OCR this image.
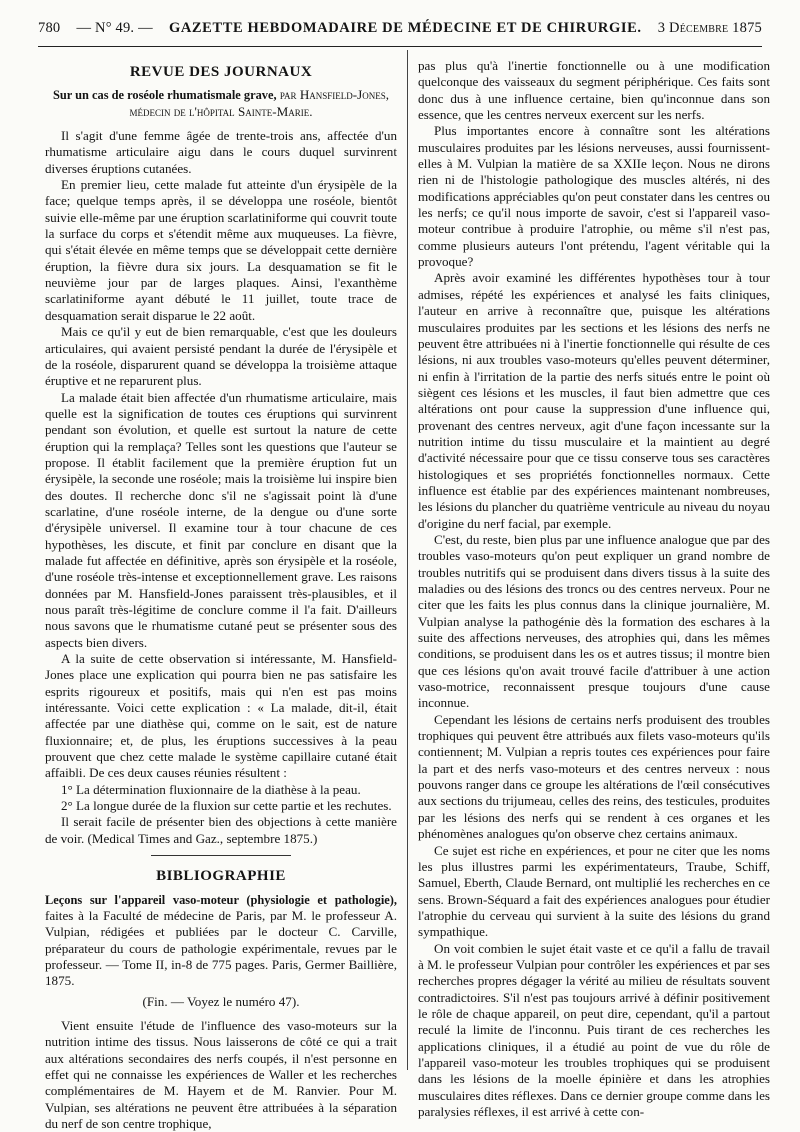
780 — N° 49. — GAZETTE HEBDOMADAIRE DE MÉDECINE ET DE CHIRURGIE. 3 Décembre 1875
REVUE DES JOURNAUX

Sur un cas de roséole rhumatismale grave, par Hansfield-Jones, médecin de l'hôpital Sainte-Marie.

Il s'agit d'une femme âgée de trente-trois ans, affectée d'un rhumatisme articulaire aigu dans le cours duquel survinrent diverses éruptions cutanées.

En premier lieu, cette malade fut atteinte d'un érysipèle de la face; quelque temps après, il se développa une roséole, bientôt suivie elle-même par une éruption scarlatiniforme qui couvrit toute la surface du corps et s'étendit même aux muqueuses. La fièvre, qui s'était élevée en même temps que se développait cette dernière éruption, la fièvre dura six jours. La desquamation se fit le neuvième jour par de larges plaques. Ainsi, l'exanthème scarlatiniforme ayant débuté le 11 juillet, toute trace de desquamation serait disparue le 22 août.

Mais ce qu'il y eut de bien remarquable, c'est que les douleurs articulaires, qui avaient persisté pendant la durée de l'érysipèle et de la roséole, disparurent quand se développa la troisième attaque éruptive et ne reparurent plus.

La malade était bien affectée d'un rhumatisme articulaire, mais quelle est la signification de toutes ces éruptions qui survinrent pendant son évolution, et quelle est surtout la nature de cette éruption qui la remplaça? Telles sont les questions que l'auteur se propose. Il établit facilement que la première éruption fut un érysipèle, la seconde une roséole; mais la troisième lui inspire bien des doutes. Il recherche donc s'il ne s'agissait point là d'une scarlatine, d'une roséole interne, de la dengue ou d'une sorte d'érysipèle universel. Il examine tour à tour chacune de ces hypothèses, les discute, et finit par conclure en disant que la malade fut affectée en définitive, après son érysipèle et la roséole, d'une roséole très-intense et exceptionnellement grave. Les raisons données par M. Hansfield-Jones paraissent très-plausibles, et il nous paraît très-légitime de conclure comme il l'a fait. D'ailleurs nous savons que le rhumatisme cutané peut se présenter sous des aspects bien divers.

A la suite de cette observation si intéressante, M. Hansfield-Jones place une explication qui pourra bien ne pas satisfaire les esprits rigoureux et positifs, mais qui n'en est pas moins intéressante. Voici cette explication : « La malade, dit-il, était affectée par une diathèse qui, comme on le sait, est de nature fluxionnaire; et, de plus, les éruptions successives à la peau prouvent que chez cette malade le système capillaire cutané était affaibli. De ces deux causes réunies résultent :

1° La détermination fluxionnaire de la diathèse à la peau.

2° La longue durée de la fluxion sur cette partie et les rechutes.

Il serait facile de présenter bien des objections à cette manière de voir. (Medical Times and Gaz., septembre 1875.)

BIBLIOGRAPHIE

Leçons sur l'appareil vaso-moteur (physiologie et pathologie), faites à la Faculté de médecine de Paris, par M. le professeur A. Vulpian, rédigées et publiées par le docteur C. Carville, préparateur du cours de pathologie expérimentale, revues par le professeur. — Tome II, in-8 de 775 pages. Paris, Germer Baillière, 1875.

(Fin. — Voyez le numéro 47).

Vient ensuite l'étude de l'influence des vaso-moteurs sur la nutrition intime des tissus. Nous laisserons de côté ce qui a trait aux altérations secondaires des nerfs coupés, il n'est personne en effet qui ne connaisse les expériences de Waller et les recherches complémentaires de M. Hayem et de M. Ranvier. Pour M. Vulpian, ses altérations ne peuvent être attribuées à la séparation du nerf de son centre trophique,

pas plus qu'à l'inertie fonctionnelle ou à une modification quelconque des vaisseaux du segment périphérique. Ces faits sont donc dus à une influence certaine, bien qu'inconnue dans son essence, que les centres nerveux exercent sur les nerfs.

Plus importantes encore à connaître sont les altérations musculaires produites par les lésions nerveuses, aussi fournissent-elles à M. Vulpian la matière de sa XXIIe leçon. Nous ne dirons rien ni de l'histologie pathologique des muscles altérés, ni des modifications appréciables qu'on peut constater dans les centres ou les nerfs; ce qu'il nous importe de savoir, c'est si l'appareil vaso-moteur contribue à produire l'atrophie, ou même s'il n'est pas, comme plusieurs auteurs l'ont prétendu, l'agent véritable qui la provoque?

Après avoir examiné les différentes hypothèses tour à tour admises, répété les expériences et analysé les faits cliniques, l'auteur en arrive à reconnaître que, puisque les altérations musculaires produites par les sections et les lésions des nerfs ne peuvent être attribuées ni à l'inertie fonctionnelle qui résulte de ces lésions, ni aux troubles vaso-moteurs qu'elles peuvent déterminer, ni enfin à l'irritation de la partie des nerfs situés entre le point où siègent ces lésions et les muscles, il faut bien admettre que ces altérations ont pour cause la suppression d'une influence qui, provenant des centres nerveux, agit d'une façon incessante sur la nutrition intime du tissu musculaire et la maintient au degré d'activité nécessaire pour que ce tissu conserve tous ses caractères histologiques et ses propriétés fonctionnelles normaux. Cette influence est établie par des expériences maintenant nombreuses, les lésions du plancher du quatrième ventricule au niveau du noyau d'origine du nerf facial, par exemple.

C'est, du reste, bien plus par une influence analogue que par des troubles vaso-moteurs qu'on peut expliquer un grand nombre de troubles nutritifs qui se produisent dans divers tissus à la suite des maladies ou des lésions des troncs ou des centres nerveux. Pour ne citer que les faits les plus connus dans la clinique journalière, M. Vulpian analyse la pathogénie dès la formation des eschares à la suite des affections nerveuses, des atrophies qui, dans les mêmes conditions, se produisent dans les os et autres tissus; il montre bien que ces lésions qu'on avait trouvé facile d'attribuer à une action vaso-motrice, reconnaissent presque toujours d'une cause inconnue.

Cependant les lésions de certains nerfs produisent des troubles trophiques qui peuvent être attribués aux filets vaso-moteurs qu'ils contiennent; M. Vulpian a repris toutes ces expériences pour faire la part et des nerfs vaso-moteurs et des centres nerveux : nous pouvons ranger dans ce groupe les altérations de l'œil consécutives aux sections du trijumeau, celles des reins, des testicules, produites par les lésions des nerfs qui se rendent à ces organes et les phénomènes analogues qu'on observe chez certains animaux.

Ce sujet est riche en expériences, et pour ne citer que les noms les plus illustres parmi les expérimentateurs, Traube, Schiff, Samuel, Eberth, Claude Bernard, ont multiplié les recherches en ce sens. Brown-Séquard a fait des expériences analogues pour étudier l'atrophie du cerveau qui survient à la suite des lésions du grand sympathique.

On voit combien le sujet était vaste et ce qu'il a fallu de travail à M. le professeur Vulpian pour contrôler les expériences et par ses recherches propres dégager la vérité au milieu de résultats souvent contradictoires. S'il n'est pas toujours arrivé à définir positivement le rôle de chaque appareil, on peut dire, cependant, qu'il a partout reculé la limite de l'inconnu. Puis tirant de ces recherches les applications cliniques, il a étudié au point de vue du rôle de l'appareil vaso-moteur les troubles trophiques qui se produisent dans les lésions de la moelle épinière et dans les atrophies musculaires dites réflexes. Dans ce dernier groupe comme dans les paralysies réflexes, il est arrivé à cette con-
